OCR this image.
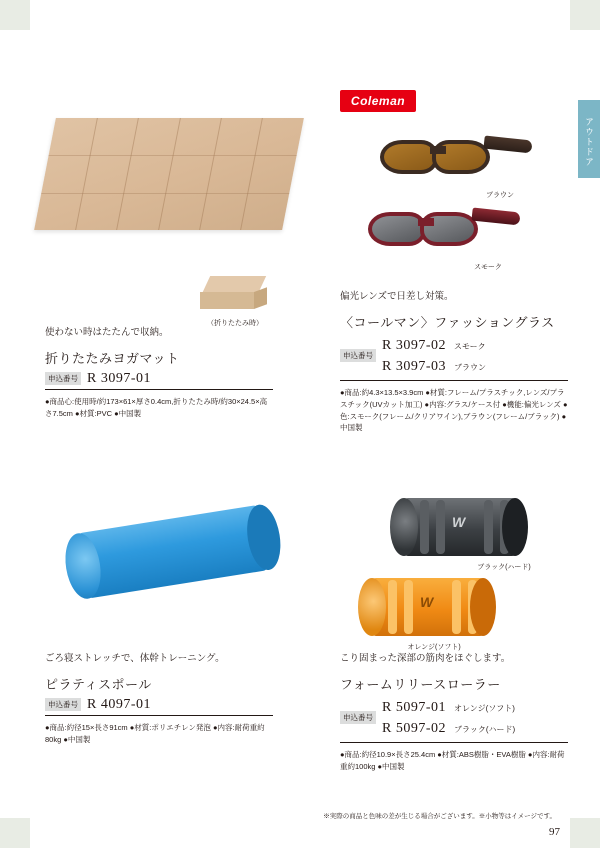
アウトドア
（折りたたみ時）

使わない時はたたんで収納。

折りたたみヨガマット
申込番号 R 3097-01

●商品心:使用時/約173×61×厚さ0.4cm,折りたたみ時/約30×24.5×高さ7.5cm ●材質:PVC ●中国製

Coleman
ブラウン
スモーク

偏光レンズで日差し対策。

〈コールマン〉ファッショングラス
申込番号
R 3097-02 スモーク
R 3097-03 ブラウン

●商品:約4.3×13.5×3.9cm ●材質:フレーム/プラスチック,レンズ/プラスチック(UVカット加工) ●内容:グラス/ケース付 ●機能:偏光レンズ ●色:スモーク(フレーム/クリアワイン),ブラウン(フレーム/ブラック) ●中国製

ごろ寝ストレッチで、体幹トレーニング。

ピラティスポール
申込番号 R 4097-01

●商品:約径15×長さ91cm ●材質:ポリエチレン発泡 ●内容:耐荷重約80kg ●中国製

W
ブラック(ハード)
W
オレンジ(ソフト)

こり固まった深部の筋肉をほぐします。

フォームリリースローラー
申込番号
R 5097-01 オレンジ(ソフト)
R 5097-02 ブラック(ハード)

●商品:約径10.9×長さ25.4cm ●材質:ABS樹脂・EVA樹脂 ●内容:耐荷重約100kg ●中国製

※実際の商品と色味の差が生じる場合がございます。※小物等はイメージです。
97
